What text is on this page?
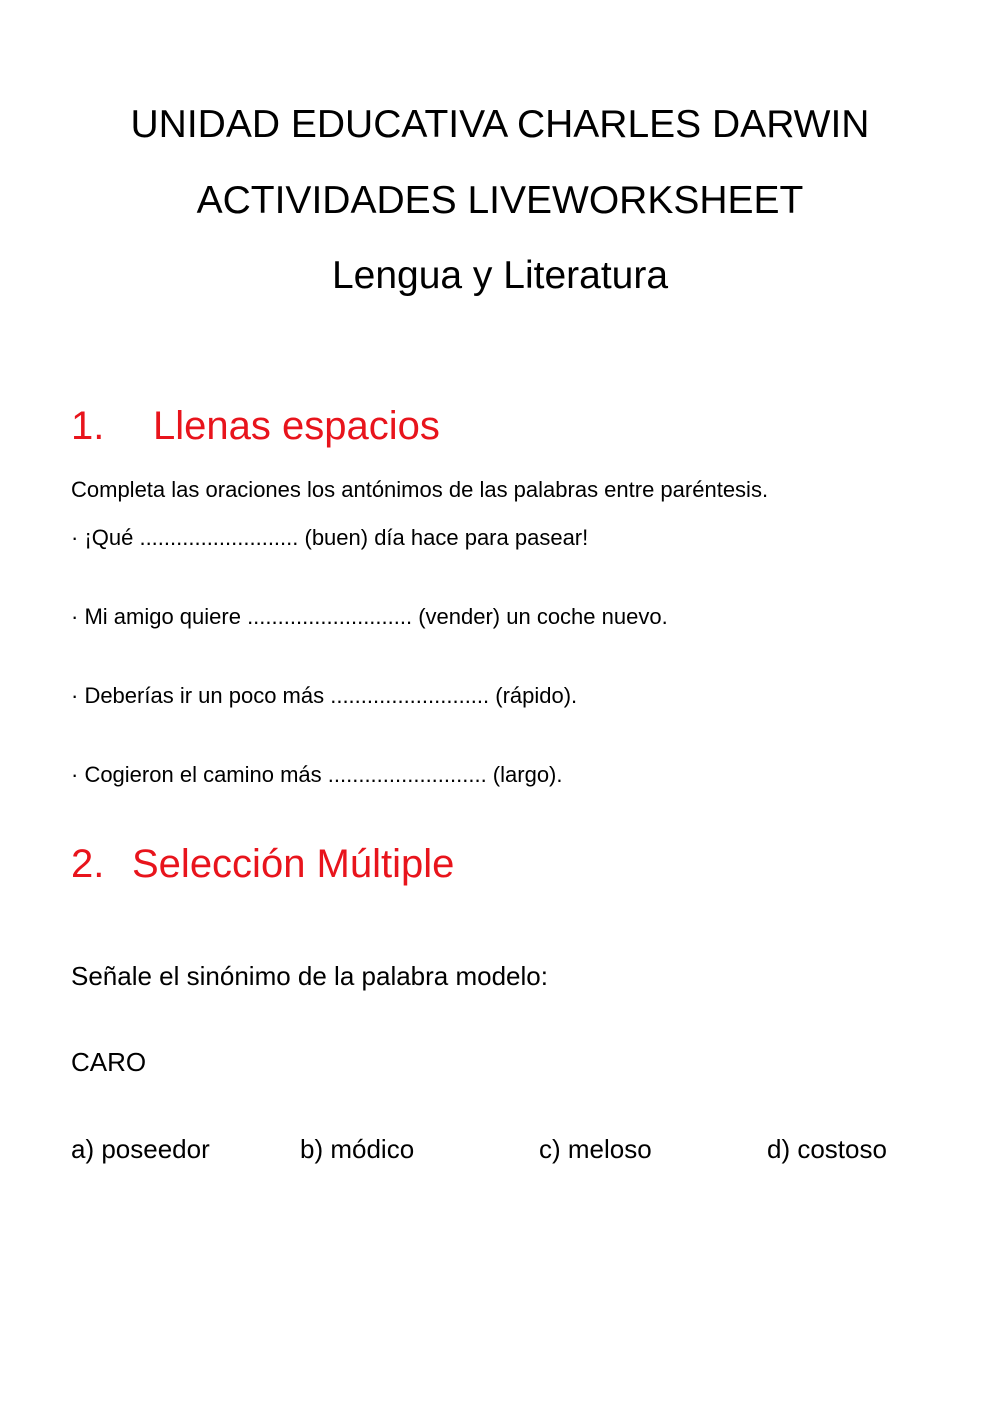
UNIDAD EDUCATIVA CHARLES DARWIN
ACTIVIDADES LIVEWORKSHEET
Lengua y Literatura
1. Llenas espacios
Completa las oraciones los antónimos de las palabras entre paréntesis.
· ¡Qué .......................... (buen) día hace para pasear!
· Mi amigo quiere ........................... (vender) un coche nuevo.
· Deberías ir un poco más .......................... (rápido).
· Cogieron el camino más .......................... (largo).
2. Selección Múltiple
Señale el sinónimo de la palabra modelo:
CARO
a) poseedor	b) módico	c) meloso	d) costoso
